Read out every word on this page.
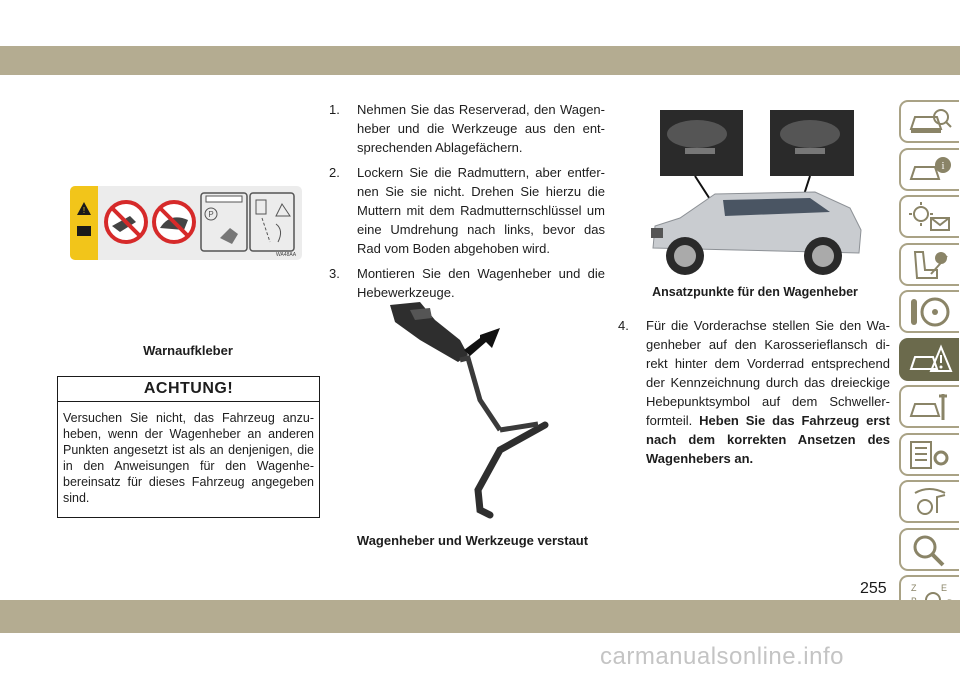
!	P
WA48AA
Warnaufkleber
ACHTUNG!
Versuchen Sie nicht, das Fahrzeug anzu- heben, wenn der Wagenheber an anderen Punkten angesetzt ist als an denjenigen, die in den Anweisungen für den Wagenhe- bereinsatz für dieses Fahrzeug angegeben sind.
1. Nehmen Sie das Reserverad, den Wagen- heber und die Werkzeuge aus den ent- sprechenden Ablagefächern.
2. Lockern Sie die Radmuttern, aber entfer- nen Sie sie nicht. Drehen Sie hierzu die Muttern mit dem Radmutternschlüssel um eine Umdrehung nach links, bevor das Rad vom Boden abgehoben wird.
3. Montieren Sie den Wagenheber und die Hebewerkzeuge.
Wagenheber und Werkzeuge verstaut
Ansatzpunkte für den Wagenheber
4. Für die Vorderachse stellen Sie den Wa- genheber auf den Karosserieflansch di- rekt hinter dem Vorderrad entsprechend der Kennzeichnung durch das dreieckige Hebepunktsymbol auf dem Schweller- formteil. Heben Sie das Fahrzeug erst nach dem korrekten Ansetzen des Wagenhebers an.
i
Z	E
255
carmanualsonline.info
